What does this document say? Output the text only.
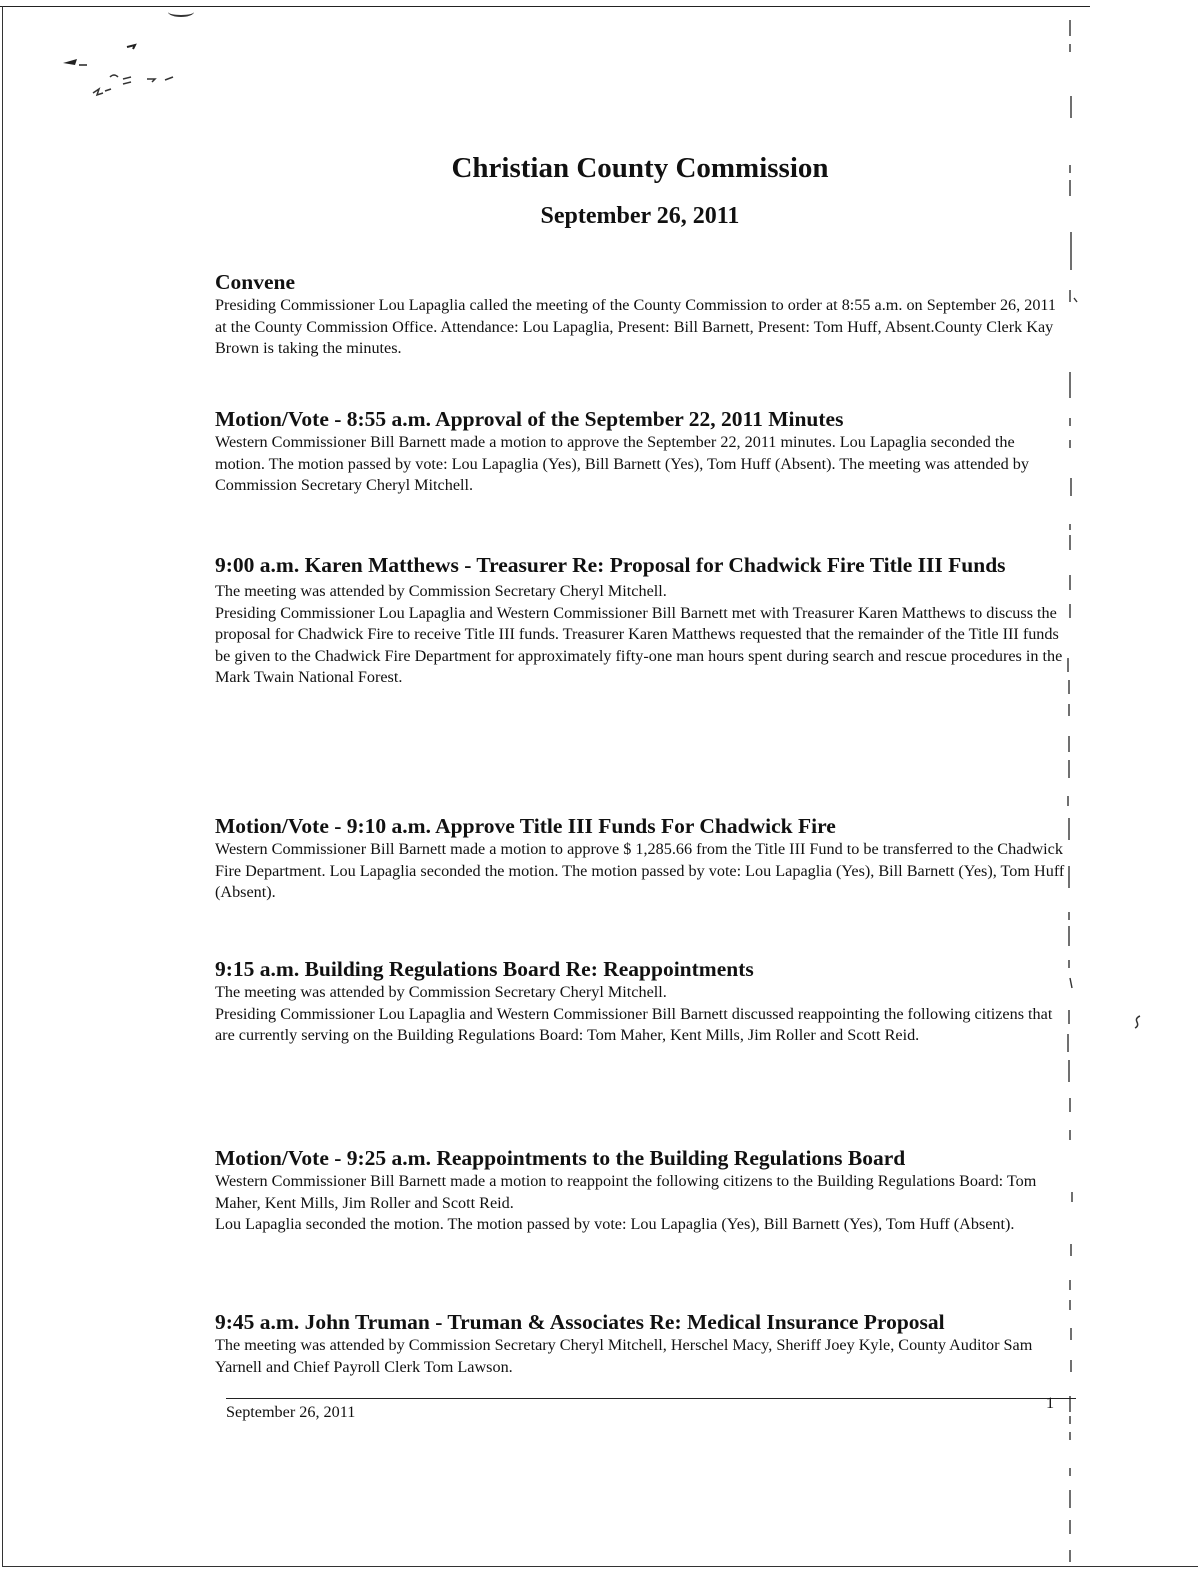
Christian County Commission
September 26, 2011
Convene

Presiding Commissioner Lou Lapaglia called the meeting of the County Commission to order at 8:55 a.m. on September 26, 2011 at the County Commission Office. Attendance: Lou Lapaglia, Present: Bill Barnett, Present: Tom Huff, Absent.County Clerk Kay Brown is taking the minutes.

Motion/Vote - 8:55 a.m. Approval of the September 22, 2011 Minutes

Western Commissioner Bill Barnett made a motion to approve the September 22, 2011 minutes. Lou Lapaglia seconded the motion. The motion passed by vote: Lou Lapaglia (Yes), Bill Barnett (Yes), Tom Huff (Absent). The meeting was attended by Commission Secretary Cheryl Mitchell.

9:00 a.m. Karen Matthews - Treasurer Re: Proposal for Chadwick Fire Title III Funds

The meeting was attended by Commission Secretary Cheryl Mitchell.

Presiding Commissioner Lou Lapaglia and Western Commissioner Bill Barnett met with Treasurer Karen Matthews to discuss the proposal for Chadwick Fire to receive Title III funds. Treasurer Karen Matthews requested that the remainder of the Title III funds be given to the Chadwick Fire Department for approximately fifty-one man hours spent during search and rescue procedures in the Mark Twain National Forest.

Motion/Vote - 9:10 a.m. Approve Title III Funds For Chadwick Fire

Western Commissioner Bill Barnett made a motion to approve $ 1,285.66 from the Title III Fund to be transferred to the Chadwick Fire Department. Lou Lapaglia seconded the motion. The motion passed by vote: Lou Lapaglia (Yes), Bill Barnett (Yes), Tom Huff (Absent).

9:15 a.m. Building Regulations Board Re: Reappointments

The meeting was attended by Commission Secretary Cheryl Mitchell.

Presiding Commissioner Lou Lapaglia and Western Commissioner Bill Barnett discussed reappointing the following citizens that are currently serving on the Building Regulations Board: Tom Maher, Kent Mills, Jim Roller and Scott Reid.

Motion/Vote - 9:25 a.m. Reappointments to the Building Regulations Board

Western Commissioner Bill Barnett made a motion to reappoint the following citizens to the Building Regulations Board: Tom Maher, Kent Mills, Jim Roller and Scott Reid.

Lou Lapaglia seconded the motion. The motion passed by vote: Lou Lapaglia (Yes), Bill Barnett (Yes), Tom Huff (Absent).

9:45 a.m. John Truman - Truman & Associates Re: Medical Insurance Proposal

The meeting was attended by Commission Secretary Cheryl Mitchell, Herschel Macy, Sheriff Joey Kyle, County Auditor Sam Yarnell and Chief Payroll Clerk Tom Lawson.

September 26, 2011	1
